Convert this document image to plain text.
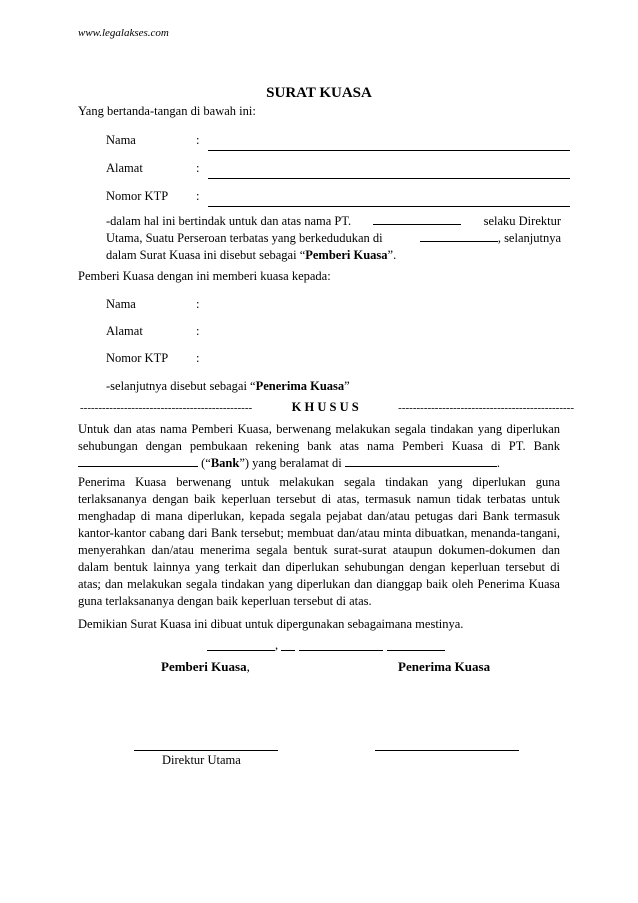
www.legalakses.com
SURAT KUASA
Yang bertanda-tangan di bawah ini:
Nama	:
Alamat	:
Nomor KTP :
-dalam hal ini bertindak untuk dan atas nama PT.	selaku Direktur
Utama, Suatu Perseroan terbatas yang berkedudukan di	, selanjutnya
dalam Surat Kuasa ini disebut sebagai “Pemberi Kuasa”.
Pemberi Kuasa dengan ini memberi kuasa kepada:
Nama	:
Alamat	:
Nomor KTP :
-selanjutnya disebut sebagai “Penerima Kuasa”
-----------------------------------------------	K H U S U S	------------------------------------------------
Untuk dan atas nama Pemberi Kuasa, berwenang melakukan segala tindakan yang diperlukan sehubungan dengan pembukaan rekening bank atas nama Pemberi Kuasa di PT. Bank  (“Bank”) yang beralamat di	.
Penerima Kuasa berwenang untuk melakukan segala tindakan yang diperlukan guna terlaksananya dengan baik keperluan tersebut di atas, termasuk namun tidak terbatas untuk menghadap di mana diperlukan, kepada segala pejabat dan/atau petugas dari Bank termasuk kantor-kantor cabang dari Bank tersebut; membuat dan/atau minta dibuatkan, menanda-tangani, menyerahkan dan/atau menerima segala bentuk surat-surat ataupun dokumen-dokumen dan dalam bentuk lainnya yang terkait dan diperlukan sehubungan dengan keperluan tersebut di atas; dan melakukan segala tindakan yang diperlukan dan dianggap baik oleh Penerima Kuasa guna terlaksananya dengan baik keperluan tersebut di atas.
Demikian Surat Kuasa ini dibuat untuk dipergunakan sebagaimana mestinya.
,
Pemberi Kuasa,	Penerima Kuasa
Direktur Utama
